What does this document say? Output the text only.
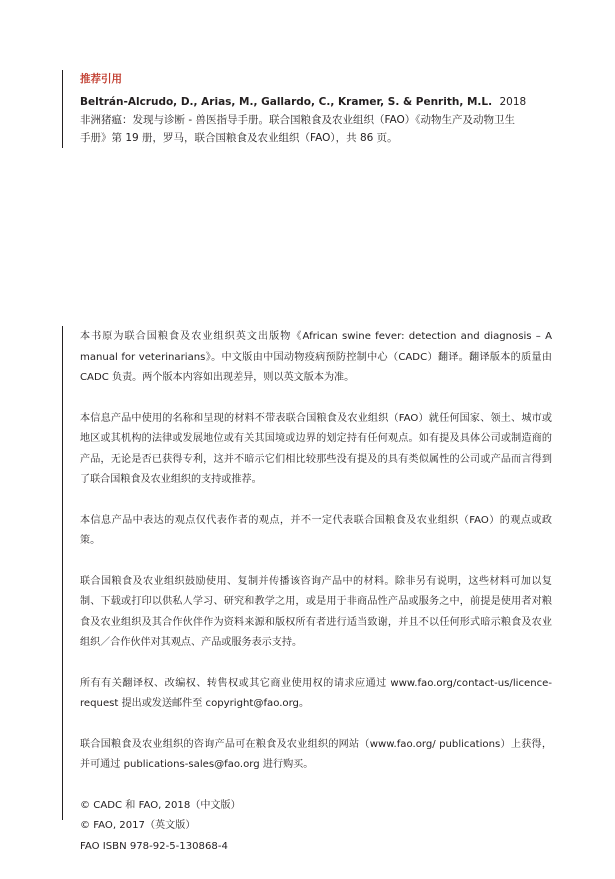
推荐引用

Beltrán-Alcrudo, D., Arias, M., Gallardo, C., Kramer, S. & Penrith, M.L. 2018

非洲猪瘟：发现与诊断 - 兽医指导手册。联合国粮食及农业组织（FAO）《动物生产及动物卫生

手册》第 19 册，罗马，联合国粮食及农业组织（FAO），共 86 页。

本书原为联合国粮食及农业组织英文出版物《African swine fever: detection and diagnosis – A manual for veterinarians》。中文版由中国动物疫病预防控制中心（CADC）翻译。翻译版本的质量由 CADC 负责。两个版本内容如出现差异，则以英文版本为准。

本信息产品中使用的名称和呈现的材料不带表联合国粮食及农业组织（FAO）就任何国家、领土、城市或地区或其机构的法律或发展地位或有关其国境或边界的划定持有任何观点。如有提及具体公司或制造商的产品，无论是否已获得专利，这并不暗示它们相比较那些没有提及的具有类似属性的公司或产品而言得到了联合国粮食及农业组织的支持或推荐。

本信息产品中表达的观点仅代表作者的观点，并不一定代表联合国粮食及农业组织（FAO）的观点或政策。

联合国粮食及农业组织鼓励使用、复制并传播该咨询产品中的材料。除非另有说明，这些材料可加以复制、下载或打印以供私人学习、研究和教学之用，或是用于非商品性产品或服务之中，前提是使用者对粮食及农业组织及其合作伙伴作为资料来源和版权所有者进行适当致谢，并且不以任何形式暗示粮食及农业组织／合作伙伴对其观点、产品或服务表示支持。

所有有关翻译权、改编权、转售权或其它商业使用权的请求应通过 www.fao.org/contact-us/licence-request 提出或发送邮件至 copyright@fao.org。

联合国粮食及农业组织的咨询产品可在粮食及农业组织的网站（www.fao.org/ publications）上获得，并可通过 publications-sales@fao.org 进行购买。

© CADC 和 FAO, 2018（中文版）

© FAO, 2017（英文版）

FAO ISBN 978-92-5-130868-4
